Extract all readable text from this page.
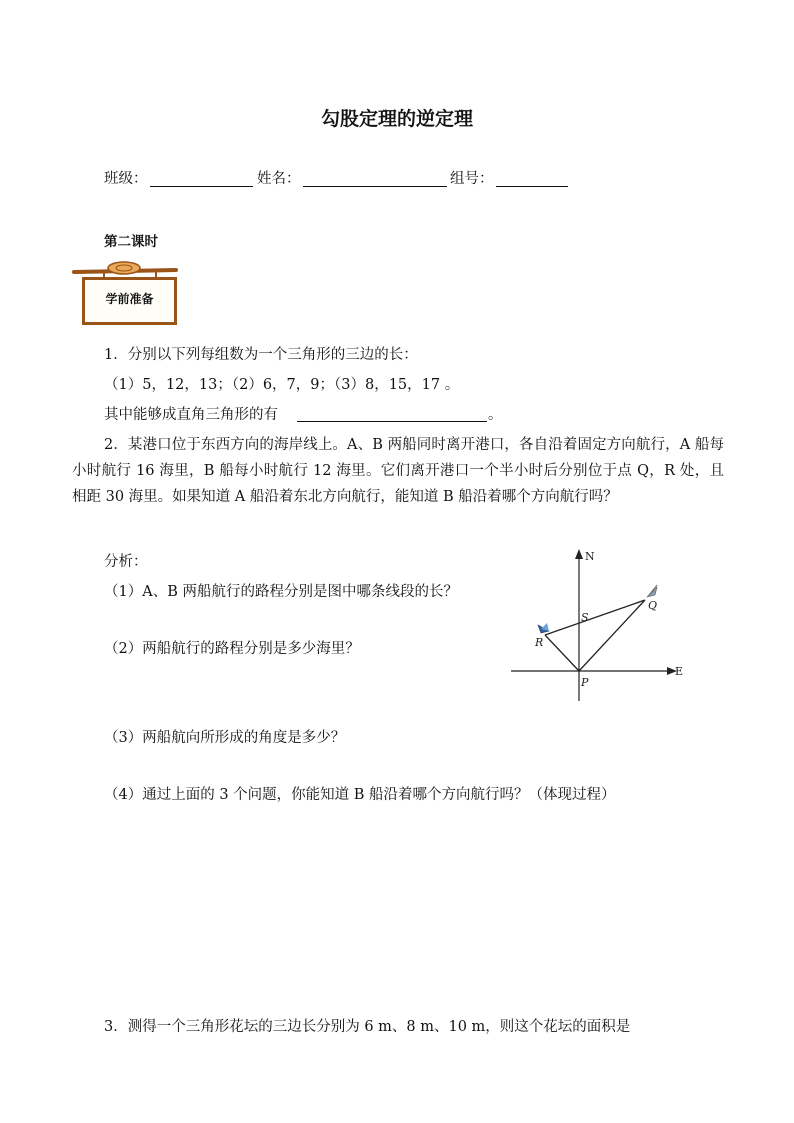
勾股定理的逆定理
班级：	姓名：	组号：
第二课时
学前准备
1．分别以下列每组数为一个三角形的三边的长：
（1）5，12，13；（2）6，7，9；（3）8，15，17 。
其中能够成直角三角形的有	。
2．某港口位于东西方向的海岸线上。A、B 两船同时离开港口，各自沿着固定方向航行，A 船每小时航行 16 海里，B 船每小时航行 12 海里。它们离开港口一个半小时后分别位于点 Q，R 处，且相距 30 海里。如果知道 A 船沿着东北方向航行，能知道 B 船沿着哪个方向航行吗？
分析：
（1）A、B 两船航行的路程分别是图中哪条线段的长？
（2）两船航行的路程分别是多少海里？
（3）两船航向所形成的角度是多少？
（4）通过上面的 3 个问题，你能知道 B 船沿着哪个方向航行吗？（体现过程）
N
E
S
Q
R
P
3．测得一个三角形花坛的三边长分别为 6 m、8 m、10 m，则这个花坛的面积是
